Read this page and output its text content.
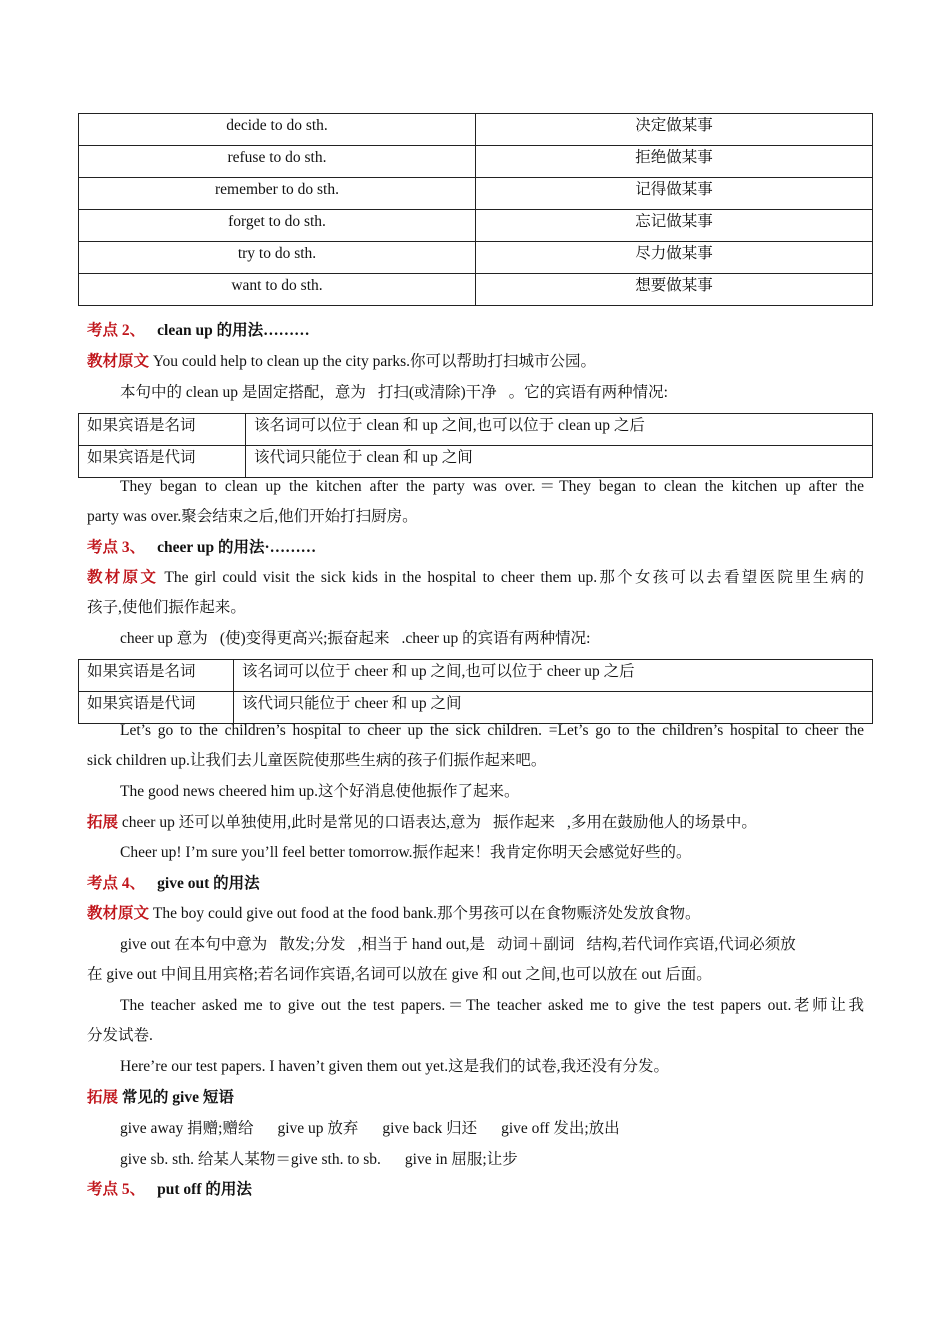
decide to do sth.	决定做某事
refuse to do sth.	拒绝做某事
remember to do sth.	记得做某事
forget to do sth.	忘记做某事
try to do sth.	尽力做某事
want to do sth.	想要做某事
考点 2、 clean up 的用法………
教材原文 You could help to clean up the city parks.你可以帮助打扫城市公园。
本句中的 clean up 是固定搭配，意为 打扫(或清除)干净 。它的宾语有两种情况:
如果宾语是名词	该名词可以位于 clean 和 up 之间,也可以位于 clean up 之后
如果宾语是代词	该代词只能位于 clean 和 up 之间
They began to clean up the kitchen after the party was over.＝They began to clean the kitchen up after the
party was over.聚会结束之后,他们开始打扫厨房。
考点 3、 cheer up 的用法·………
教材原文 The girl could visit the sick kids in the hospital to cheer them up.那个女孩可以去看望医院里生病的
孩子,使他们振作起来。
cheer up 意为 (使)变得更高兴;振奋起来 .cheer up 的宾语有两种情况:
如果宾语是名词	该名词可以位于 cheer 和 up 之间,也可以位于 cheer up 之后
如果宾语是代词	该代词只能位于 cheer 和 up 之间
Let’s go to the children’s hospital to cheer up the sick children. =Let’s go to the children’s hospital to cheer the
sick children up.让我们去儿童医院使那些生病的孩子们振作起来吧。
The good news cheered him up.这个好消息使他振作了起来。
拓展 cheer up 还可以单独使用,此时是常见的口语表达,意为 振作起来 ,多用在鼓励他人的场景中。
Cheer up! I’m sure you’ll feel better tomorrow.振作起来！我肯定你明天会感觉好些的。
考点 4、 give out 的用法
教材原文 The boy could give out food at the food bank.那个男孩可以在食物赈济处发放食物。
give out 在本句中意为 散发;分发 ,相当于 hand out,是 动词＋副词 结构,若代词作宾语,代词必须放
在 give out 中间且用宾格;若名词作宾语,名词可以放在 give 和 out 之间,也可以放在 out 后面。
The teacher asked me to give out the test papers.＝The teacher asked me to give the test papers out.老师让我
分发试卷.
Here’re our test papers. I haven’t given them out yet.这是我们的试卷,我还没有分发。
拓展 常见的 give 短语
give away 捐赠;赠给 give up 放弃 give back 归还 give off 发出;放出
give sb. sth. 给某人某物＝give sth. to sb. give in 屈服;让步
考点 5、 put off 的用法
